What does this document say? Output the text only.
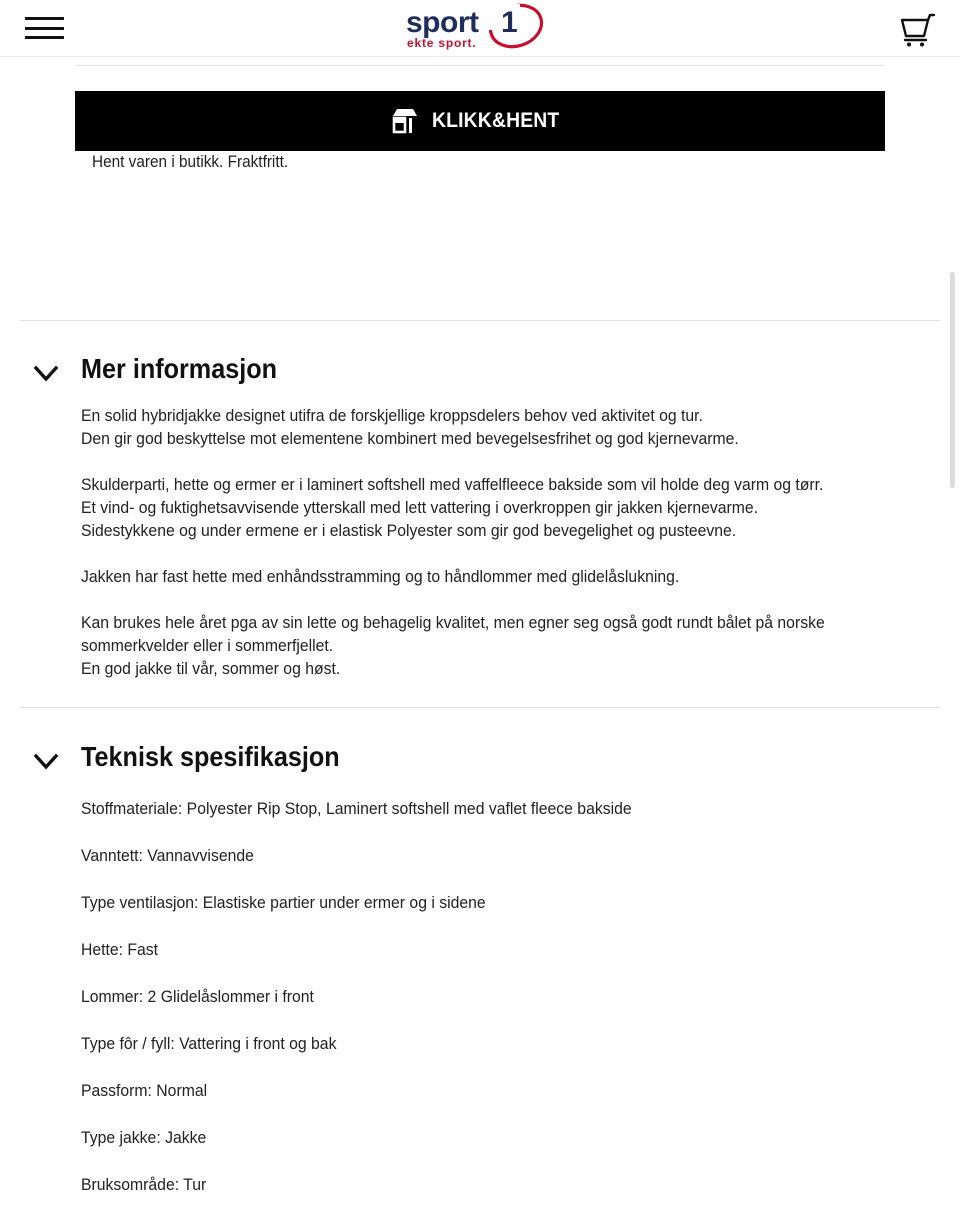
sport 1
ekte sport.
KLIKK&HENT
Hent varen i butikk. Fraktfritt.
Mer informasjon

En solid hybridjakke designet utifra de forskjellige kroppsdelers behov ved aktivitet og tur.
Den gir god beskyttelse mot elementene kombinert med bevegelsesfrihet og god kjernevarme.

Skulderparti, hette og ermer er i laminert softshell med vaffelfleece bakside som vil holde deg varm og tørr.
Et vind- og fuktighetsavvisende ytterskall med lett vattering i overkroppen gir jakken kjernevarme.
Sidestykkene og under ermene er i elastisk Polyester som gir god bevegelighet og pusteevne.

Jakken har fast hette med enhåndsstramming og to håndlommer med glidelåslukning.

Kan brukes hele året pga av sin lette og behagelig kvalitet, men egner seg også godt rundt bålet på norske sommerkvelder eller i sommerfjellet.
En god jakke til vår, sommer og høst.

Teknisk spesifikasjon
Stoffmateriale: Polyester Rip Stop, Laminert softshell med vaflet fleece bakside
Vanntett: Vannavvisende
Type ventilasjon: Elastiske partier under ermer og i sidene
Hette: Fast
Lommer: 2 Glidelåslommer i front
Type fôr / fyll: Vattering i front og bak
Passform: Normal
Type jakke: Jakke
Bruksområde: Tur
